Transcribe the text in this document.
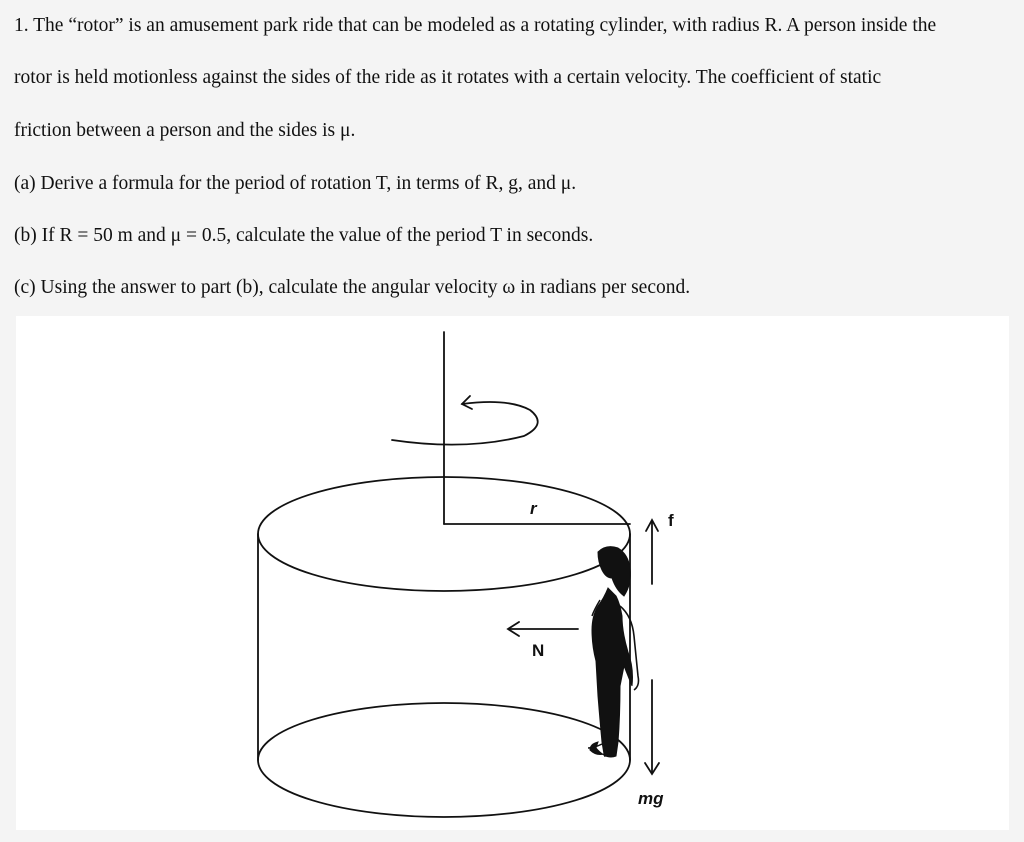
1. The “rotor” is an amusement park ride that can be modeled as a rotating cylinder, with radius R. A person inside the
rotor is held motionless against the sides of the ride as it rotates with a certain velocity. The coefficient of static
friction between a person and the sides is μ.
(a) Derive a formula for the period of rotation T, in terms of R, g, and μ.
(b) If R = 50 m and μ = 0.5, calculate the value of the period T in seconds.
(c) Using the answer to part (b), calculate the angular velocity ω in radians per second.
r
f
N
mg
